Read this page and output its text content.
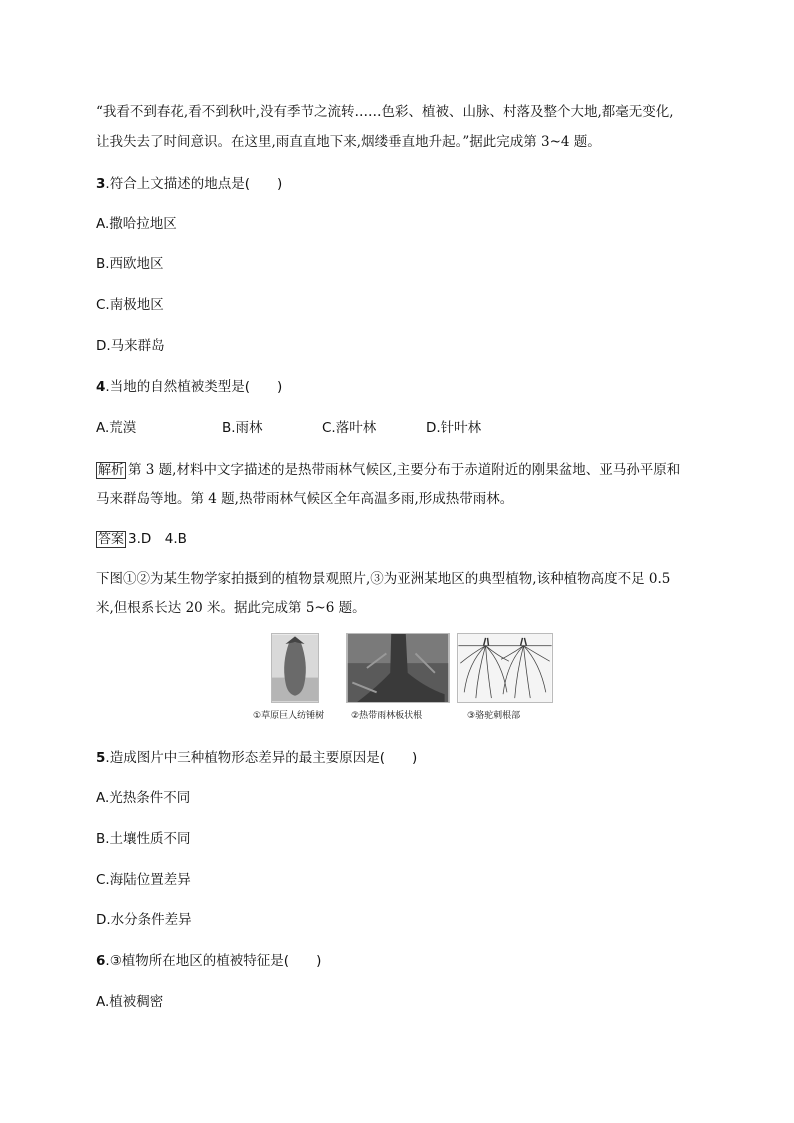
“我看不到春花,看不到秋叶,没有季节之流转……色彩、植被、山脉、村落及整个大地,都毫无变化,
让我失去了时间意识。在这里,雨直直地下来,烟缕垂直地升起。”据此完成第 3~4 题。
3.符合上文描述的地点是(　　)
A.撒哈拉地区
B.西欧地区
C.南极地区
D.马来群岛
4.当地的自然植被类型是(　　)
A.荒漠	B.雨林	C.落叶林	D.针叶林
解析 第 3 题,材料中文字描述的是热带雨林气候区,主要分布于赤道附近的刚果盆地、亚马孙平原和
马来群岛等地。第 4 题,热带雨林气候区全年高温多雨,形成热带雨林。
答案 3.D　4.B
下图①②为某生物学家拍摄到的植物景观照片,③为亚洲某地区的典型植物,该种植物高度不足 0.5
米,但根系长达 20 米。据此完成第 5~6 题。
①草原巨人纺锤树	②热带雨林板状根	③骆驼刺根部
5.造成图片中三种植物形态差异的最主要原因是(　　)
A.光热条件不同
B.土壤性质不同
C.海陆位置差异
D.水分条件差异
6.③植物所在地区的植被特征是(　　)
A.植被稠密
